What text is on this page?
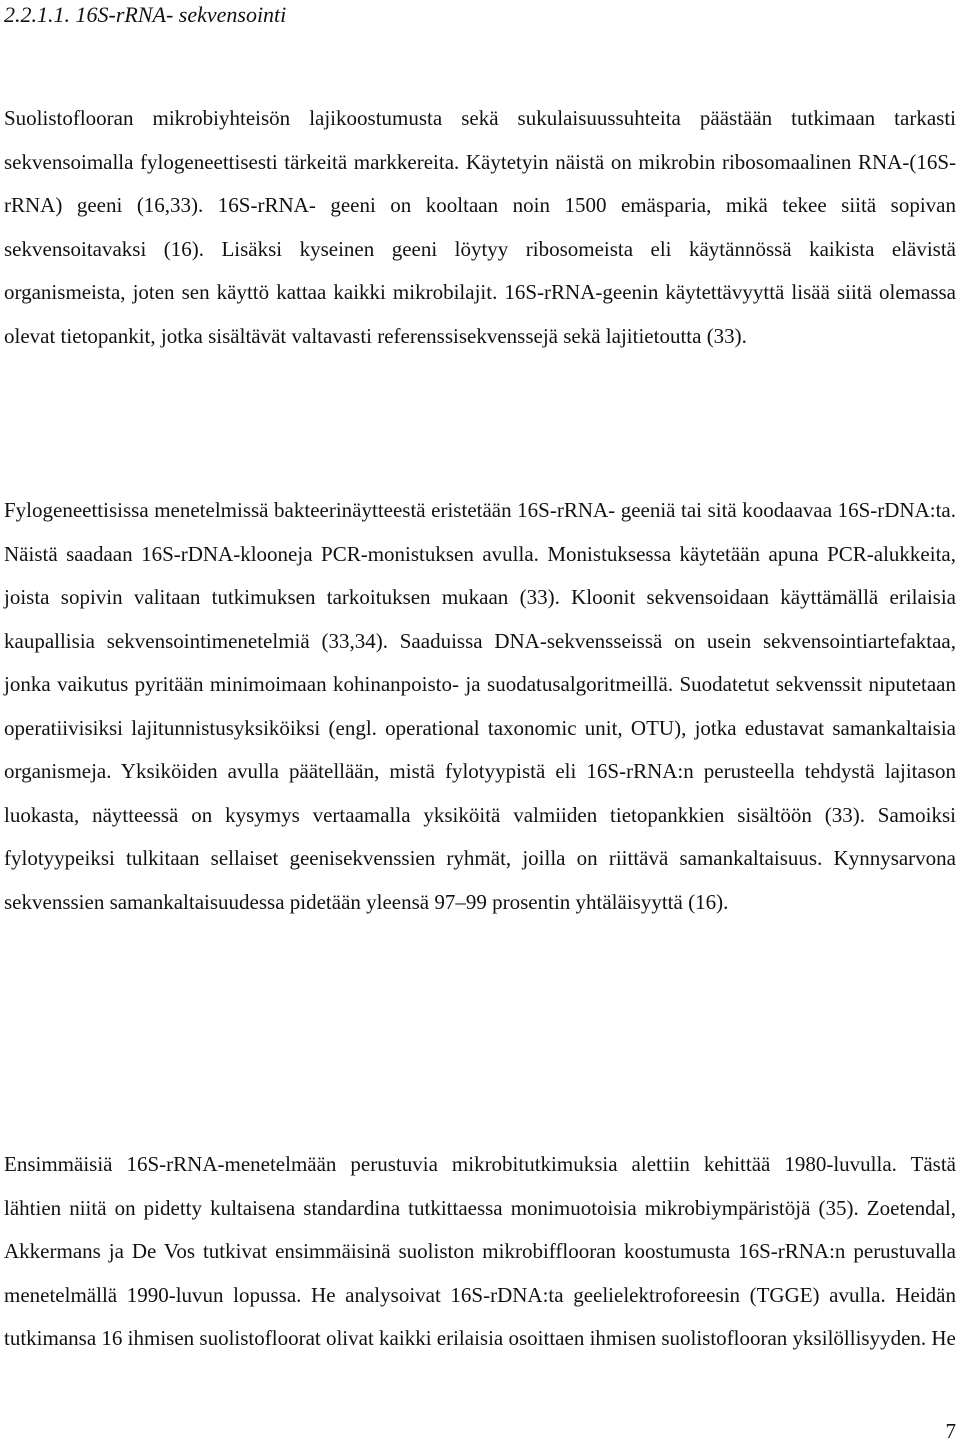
2.2.1.1. 16S-rRNA- sekvensointi

Suolistoflooran mikrobiyhteisön lajikoostumusta sekä sukulaisuussuhteita päästään tutkimaan tarkasti sekvensoimalla fylogeneettisesti tärkeitä markkereita. Käytetyin näistä on mikrobin ribosomaalinen RNA-(16S-rRNA) geeni (16,33). 16S-rRNA- geeni on kooltaan noin 1500 emäsparia, mikä tekee siitä sopivan sekvensoitavaksi (16). Lisäksi kyseinen geeni löytyy ribosomeista eli käytännössä kaikista elävistä organismeista, joten sen käyttö kattaa kaikki mikrobilajit. 16S-rRNA-geenin käytettävyyttä lisää siitä olemassa olevat tietopankit, jotka sisältävät valtavasti referenssisekvenssejä sekä lajitietoutta (33).

Fylogeneettisissa menetelmissä bakteerinäytteestä eristetään 16S-rRNA- geeniä tai sitä koodaavaa 16S-rDNA:ta. Näistä saadaan 16S-rDNA-klooneja PCR-monistuksen avulla. Monistuksessa käytetään apuna PCR-alukkeita, joista sopivin valitaan tutkimuksen tarkoituksen mukaan (33). Kloonit sekvensoidaan käyttämällä erilaisia kaupallisia sekvensointimenetelmiä (33,34). Saaduissa DNA-sekvensseissä on usein sekvensointiartefaktaa, jonka vaikutus pyritään minimoimaan kohinanpoisto- ja suodatusalgoritmeillä. Suodatetut sekvenssit niputetaan operatiivisiksi lajitunnistusyksiköiksi (engl. operational taxonomic unit, OTU), jotka edustavat samankaltaisia organismeja. Yksiköiden avulla päätellään, mistä fylotyypistä eli 16S-rRNA:n perusteella tehdystä lajitason luokasta, näytteessä on kysymys vertaamalla yksiköitä valmiiden tietopankkien sisältöön (33). Samoiksi fylotyypeiksi tulkitaan sellaiset geenisekvenssien ryhmät, joilla on riittävä samankaltaisuus. Kynnysarvona sekvenssien samankaltaisuudessa pidetään yleensä 97–99 prosentin yhtäläisyyttä (16).

Ensimmäisiä 16S-rRNA-menetelmään perustuvia mikrobitutkimuksia alettiin kehittää 1980-luvulla. Tästä lähtien niitä on pidetty kultaisena standardina tutkittaessa monimuotoisia mikrobiympäristöjä (35). Zoetendal, Akkermans ja De Vos tutkivat ensimmäisinä suoliston mikrobifflooran koostumusta 16S-rRNA:n perustuvalla menetelmällä 1990-luvun lopussa. He analysoivat 16S-rDNA:ta geelielektroforeesin (TGGE) avulla. Heidän tutkimansa 16 ihmisen suolistofloorat olivat kaikki erilaisia osoittaen ihmisen suolistoflooran yksilöllisyyden. He

7
